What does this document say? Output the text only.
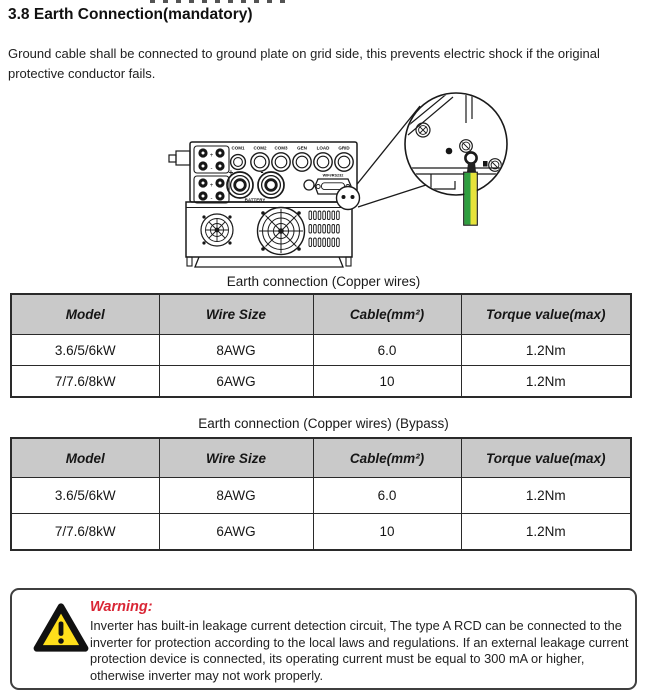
3.8 Earth Connection(mandatory)
Ground cable shall be connected to ground plate on grid side, this prevents electric shock if the original protective conductor fails.
+
-
+
-
COM1 COM2 COM3 GEN LOAD GRID
+	-
BATTERY
WIFI/RS232
Earth connection (Copper wires)
Model	Wire Size	Cable(mm²)	Torque value(max)
3.6/5/6kW	8AWG	6.0	1.2Nm
7/7.6/8kW	6AWG	10	1.2Nm
Earth connection (Copper wires) (Bypass)
Model	Wire Size	Cable(mm²)	Torque value(max)
3.6/5/6kW	8AWG	6.0	1.2Nm
7/7.6/8kW	6AWG	10	1.2Nm
Warning:
Inverter has built-in leakage current detection circuit, The type A RCD can be connected to the inverter for protection according to the local laws and regulations. If an external leakage current protection device is connected, its operating current must be equal to 300 mA or higher, otherwise inverter may not work properly.
